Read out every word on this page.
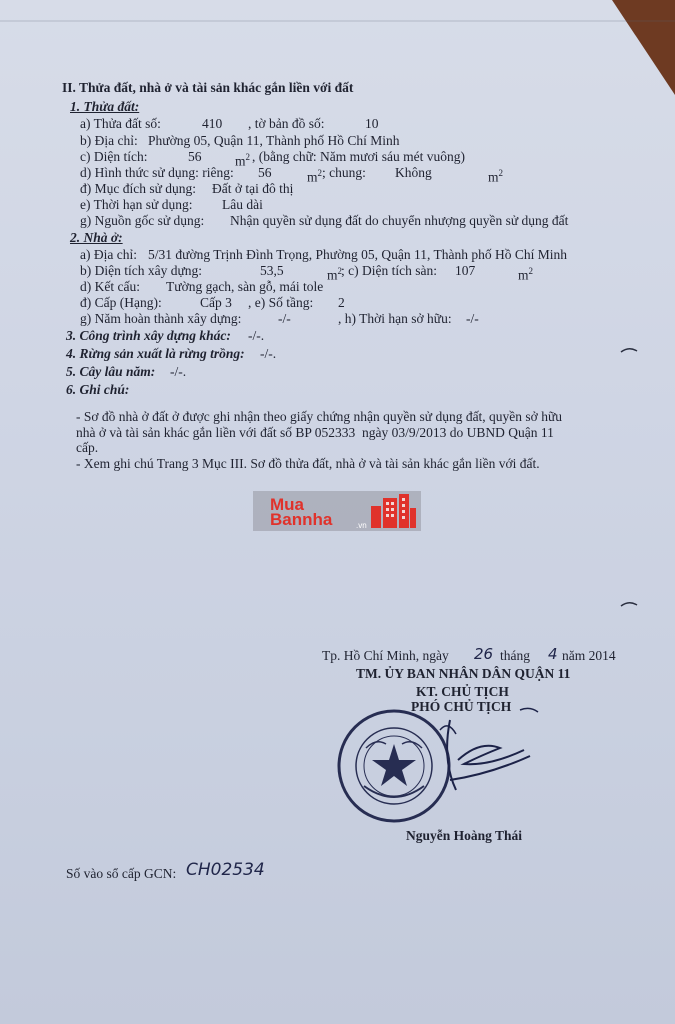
II. Thửa đất, nhà ở và tài sản khác gắn liền với đất
1. Thửa đất:
a) Thửa đất số:	410 , tờ bản đồ số:	10
b) Địa chỉ: Phường 05, Quận 11, Thành phố Hồ Chí Minh
c) Diện tích:	56 $m^2$ , (bằng chữ: Năm mươi sáu mét vuông)
d) Hình thức sử dụng: riêng: 56	$m^2$ ; chung: Không	$m^2$
đ) Mục đích sử dụng: Đất ở tại đô thị
e) Thời hạn sử dụng: Lâu dài
g) Nguồn gốc sử dụng: Nhận quyền sử dụng đất do chuyển nhượng quyền sử dụng đất
2. Nhà ở:
a) Địa chỉ: 5/31 đường Trịnh Đình Trọng, Phường 05, Quận 11, Thành phố Hồ Chí Minh
b) Diện tích xây dựng:	53,5	$m^2$
; c) Diện tích sàn: 107	$m^2$
d) Kết cấu: Tường gạch, sàn gỗ, mái tole
đ) Cấp (Hạng):	Cấp 3 , e) Số tầng: 2
g) Năm hoàn thành xây dựng:	-/-	, h) Thời hạn sở hữu: -/-
3. Công trình xây dựng khác: -/-.
4. Rừng sản xuất là rừng trồng: -/-.
5. Cây lâu năm: -/-.
6. Ghi chú:
- Sơ đồ nhà ở đất ở được ghi nhận theo giấy chứng nhận quyền sử dụng đất, quyền sở hữu
nhà ở và tài sản khác gắn liền với đất số BP 052333  ngày 03/9/2013 do UBND Quận 11
cấp.
- Xem ghi chú Trang 3 Mục III. Sơ đồ thửa đất, nhà ở và tài sản khác gắn liền với đất.
Mua
Bannha	.vn
Tp. Hồ Chí Minh, ngày 26 tháng 4 năm 2014
TM. ỦY BAN NHÂN DÂN QUẬN 11
KT. CHỦ TỊCH
PHÓ CHỦ TỊCH
Nguyễn Hoàng Thái
Số vào sổ cấp GCN: CH02534
